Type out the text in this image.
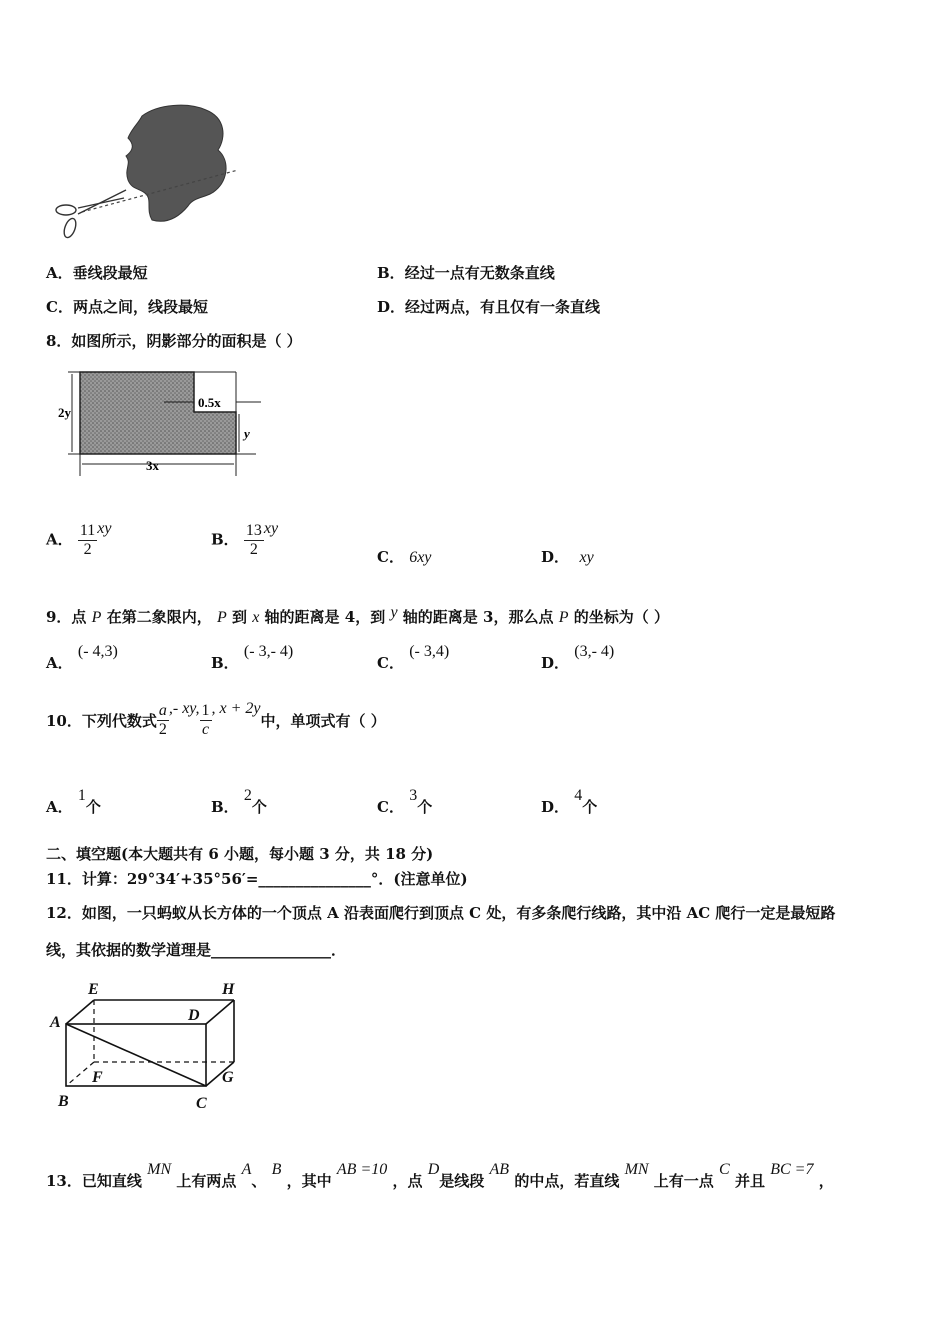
A．垂线段最短	B．经过一点有无数条直线
C．两点之间，线段最短	D．经过两点，有且仅有一条直线
8．如图所示，阴影部分的面积是（ ）
2y
0.5x
y
3x
A． $\frac{11}{2}$ xy
B． $\frac{13}{2}$ xy
C． 6xy	D． xy
9．点 P 在第二象限内， P 到 x 轴的距离是 4，到 y 轴的距离是 3，那么点 P 的坐标为（ ）
A． (- 4,3)
B． (- 3,- 4)
C． (- 3,4)
D． (3,- 4)
10．下列代数式 $\frac{a}{2}$ ,- xy, $\frac{1}{c}$ , x + 2y中，单项式有（ ）
A． 1个	B． 2个	C． 3个	D． 4个
二、填空题(本大题共有 6 小题，每小题 3 分，共 18 分)
11．计算：29°34′+35°56′=_______________°．(注意单位)
12．如图，一只蚂蚁从长方体的一个顶点 A 沿表面爬行到顶点 C 处，有多条爬行线路，其中沿 AC 爬行一定是最短路
线，其依据的数学道理是________________．
E	H
A	D
F	G
B	C
13．已知直线 MN 上有两点 A、 B ，其中 AB =10 ，点 D是线段 AB 的中点，若直线 MN 上有一点 C 并且 BC =7 ，
